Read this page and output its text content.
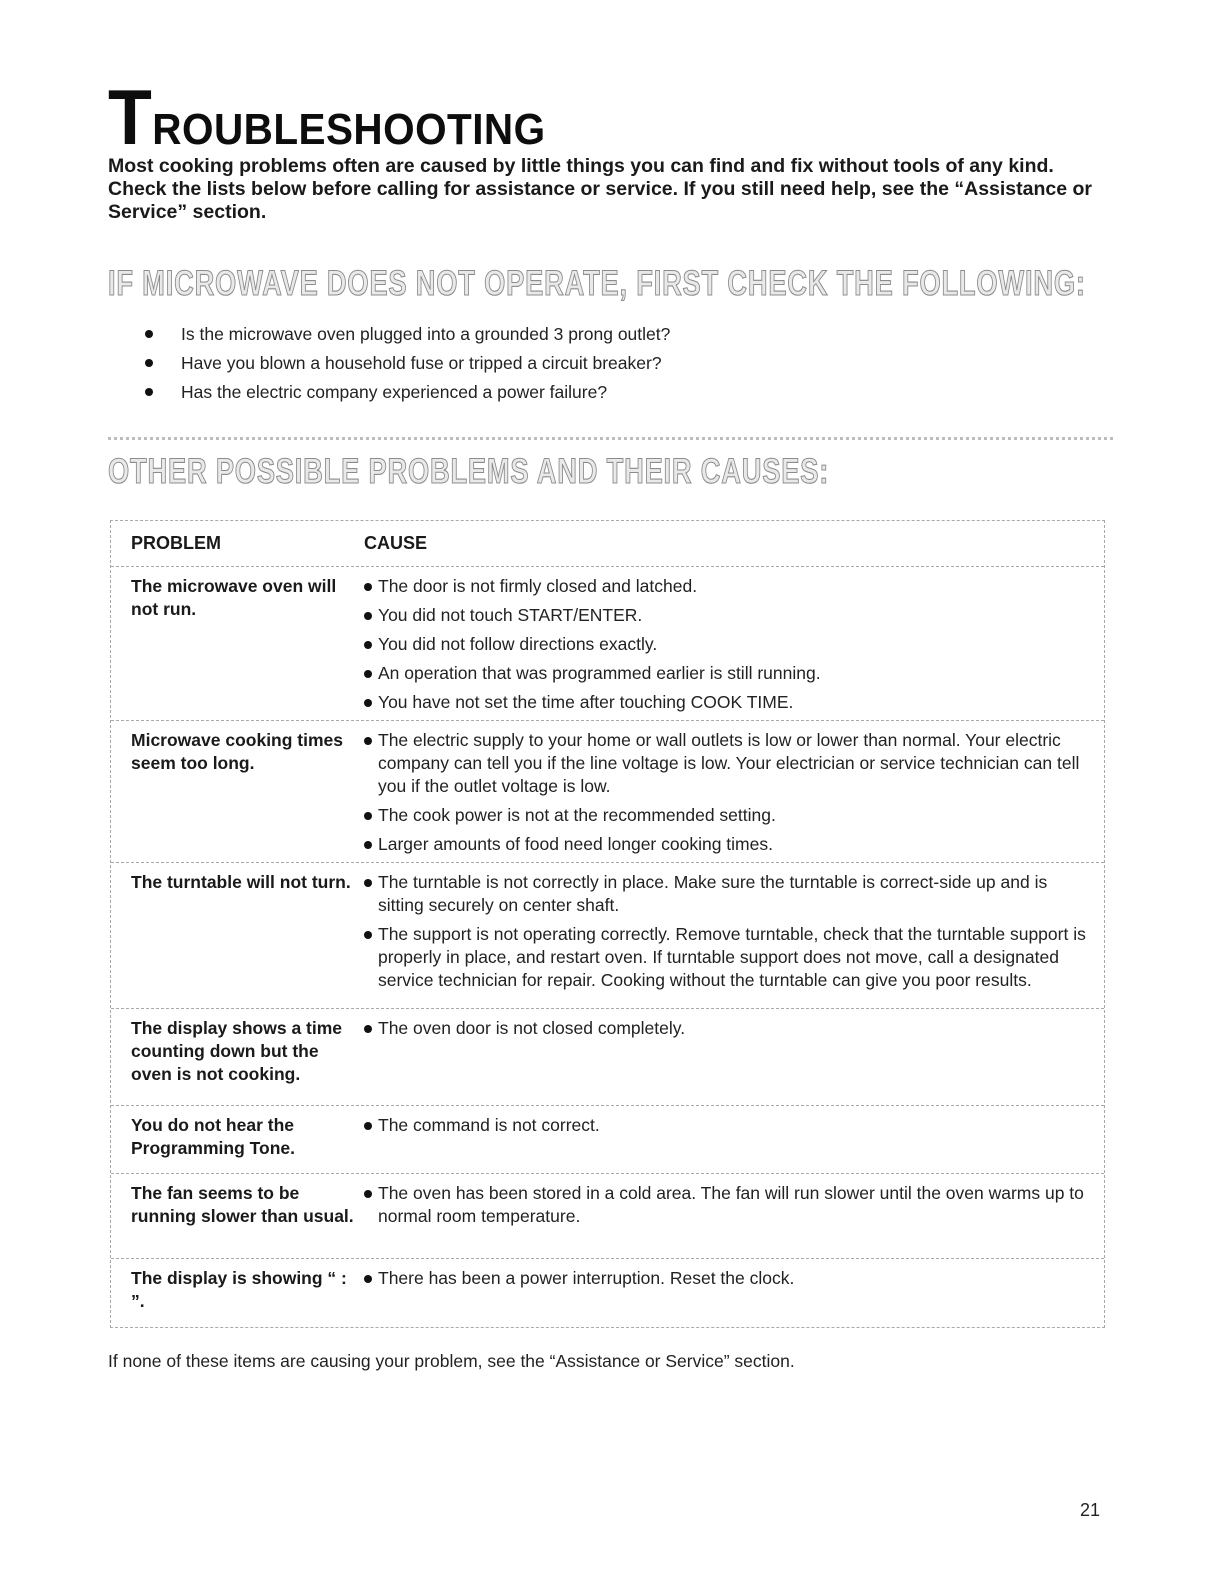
TROUBLESHOOTING

Most cooking problems often are caused by little things you can find and fix without tools of any kind. Check the lists below before calling for assistance or service. If you still need help, see the “Assistance or Service” section.

IF MICROWAVE DOES NOT OPERATE, FIRST CHECK THE FOLLOWING:
Is the microwave oven plugged into a grounded 3 prong outlet?
Have you blown a household fuse or tripped a circuit breaker?
Has the electric company experienced a power failure?
OTHER POSSIBLE PROBLEMS AND THEIR CAUSES:
PROBLEM	CAUSE
The microwave oven will not run.
The door is not firmly closed and latched.
You did not touch START/ENTER.
You did not follow directions exactly.
An operation that was programmed earlier is still running.
You have not set the time after touching COOK TIME.
Microwave cooking times seem too long.
The electric supply to your home or wall outlets is low or lower than normal. Your electric company can tell you if the line voltage is low. Your electrician or service technician can tell you if the outlet voltage is low.
The cook power is not at the recommended setting.
Larger amounts of food need longer cooking times.
The turntable will not turn.	The turntable is not correctly in place. Make sure the turntable is correct-side up and is sitting securely on center shaft.
The support is not operating correctly. Remove turntable, check that the turntable support is properly in place, and restart oven. If turntable support does not move, call a designated service technician for repair. Cooking without the turntable can give you poor results.
The display shows a time counting down but the oven is not cooking.
The oven door is not closed completely.
You do not hear the Programming Tone.
The command is not correct.
The fan seems to be running slower than usual.
The oven has been stored in a cold area. The fan will run slower until the oven warms up to normal room temperature.
The display is showing “ : ”.
There has been a power interruption. Reset the clock.

If none of these items are causing your problem, see the “Assistance or Service” section.

21
